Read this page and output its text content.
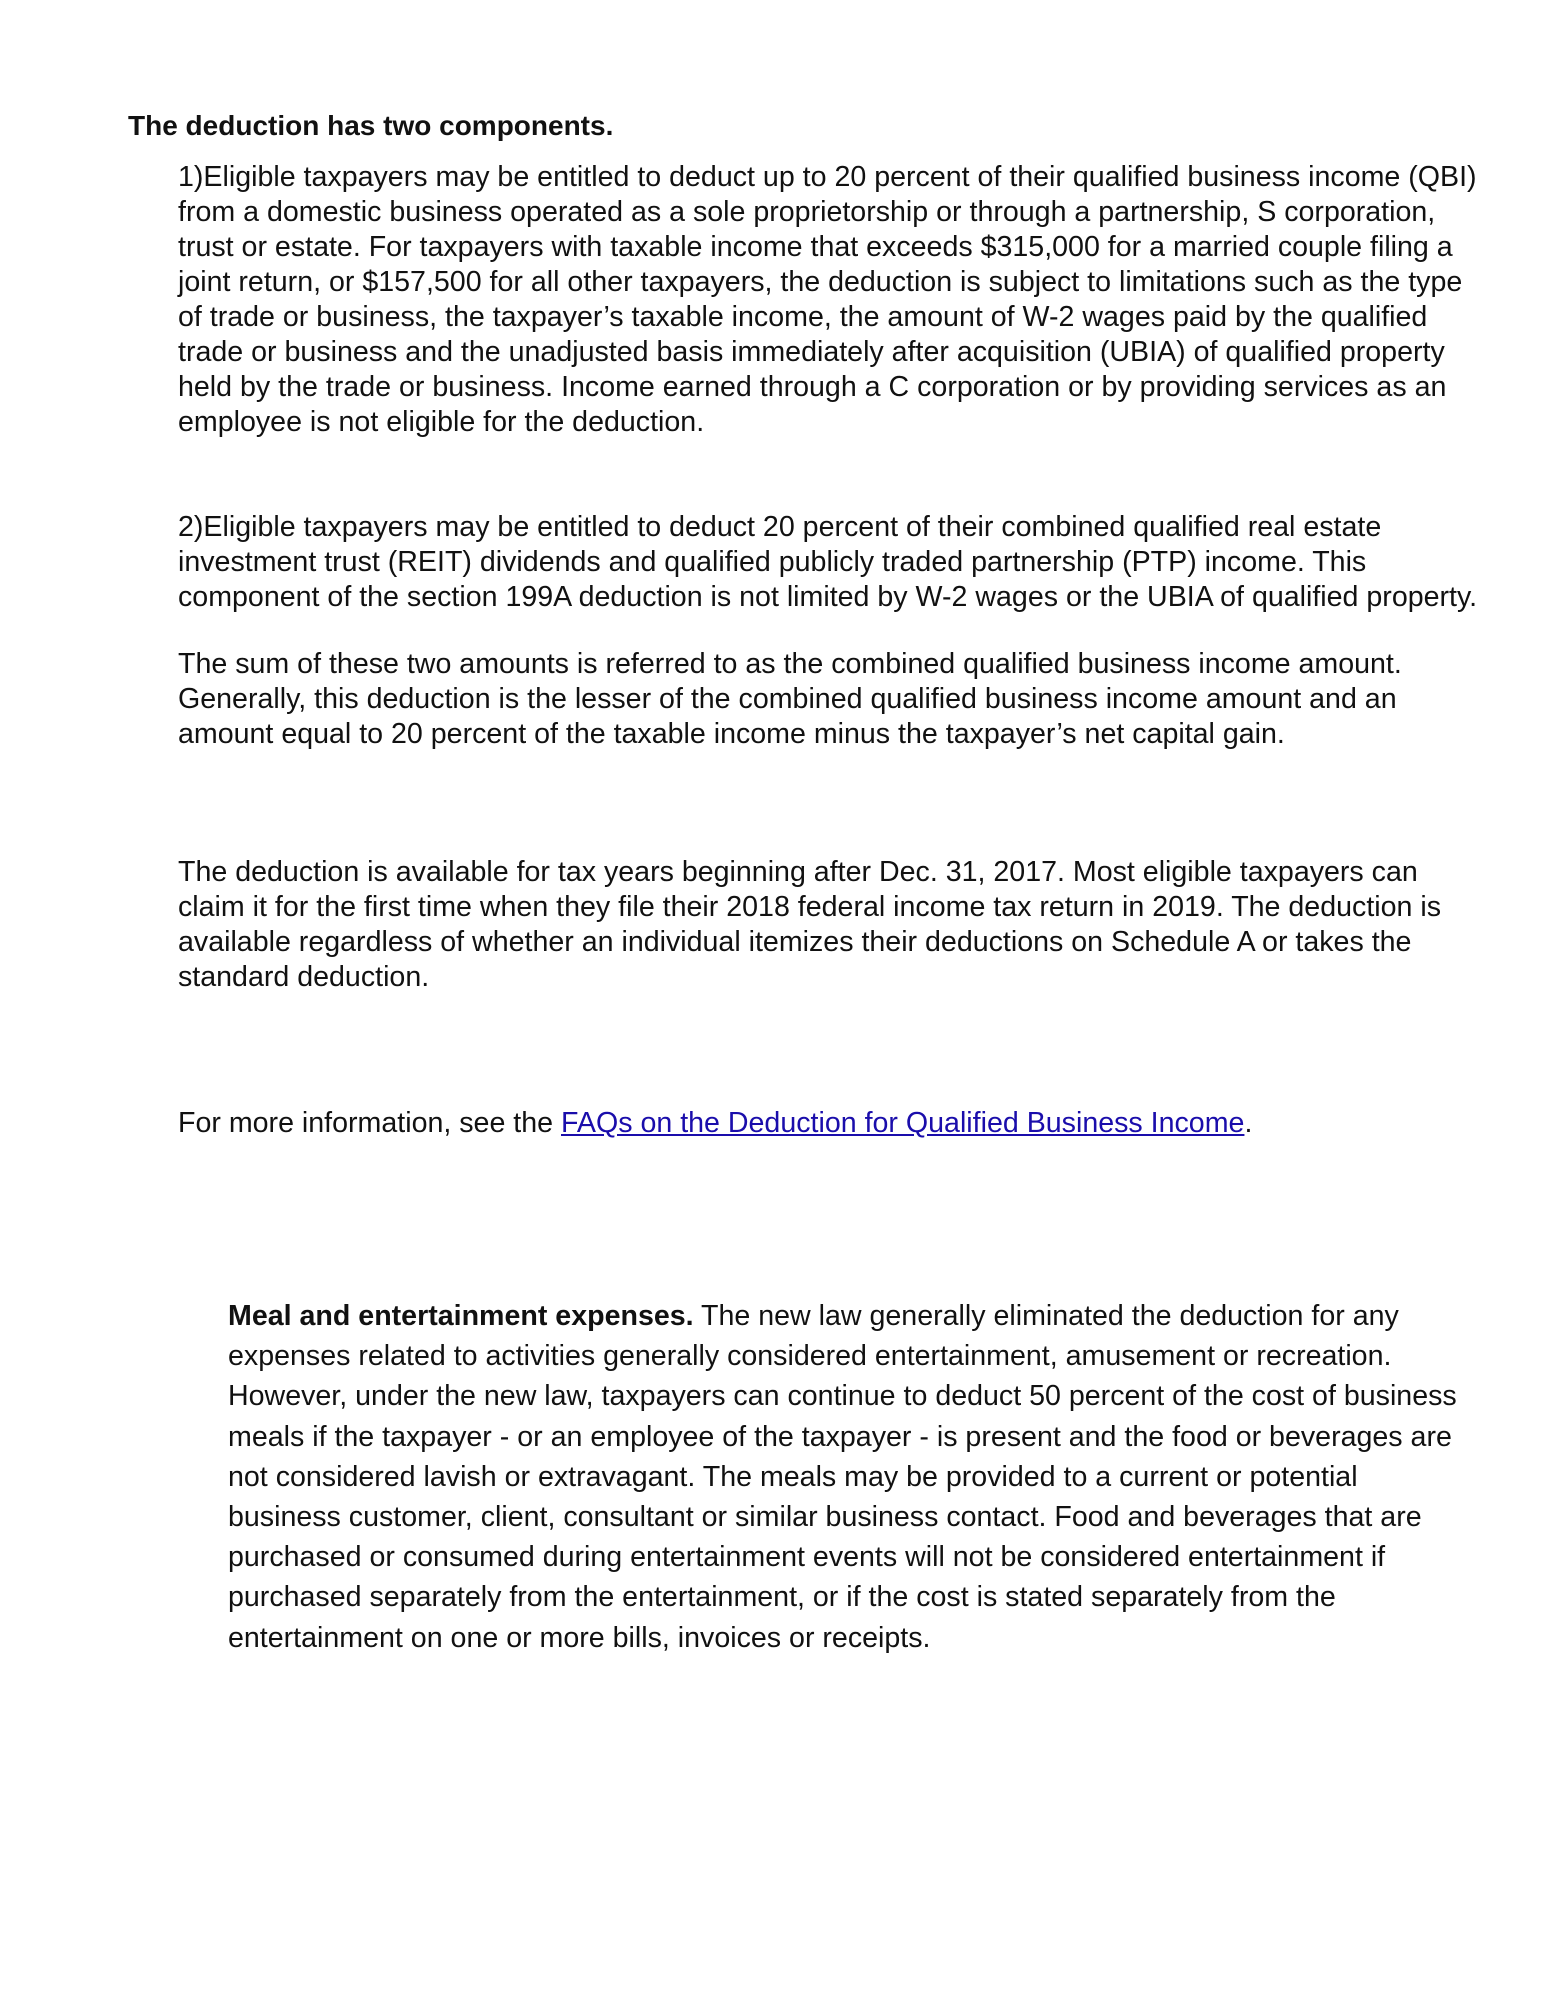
The deduction has two components.

1)Eligible taxpayers may be entitled to deduct up to 20 percent of their qualified business income (QBI) from a domestic business operated as a sole proprietorship or through a partnership, S corporation, trust or estate. For taxpayers with taxable income that exceeds $315,000 for a married couple filing a joint return, or $157,500 for all other taxpayers, the deduction is subject to limitations such as the type of trade or business, the taxpayer’s taxable income, the amount of W-2 wages paid by the qualified trade or business and the unadjusted basis immediately after acquisition (UBIA) of qualified property held by the trade or business. Income earned through a C corporation or by providing services as an employee is not eligible for the deduction.

2)Eligible taxpayers may be entitled to deduct 20 percent of their combined qualified real estate investment trust (REIT) dividends and qualified publicly traded partnership (PTP) income. This component of the section 199A deduction is not limited by W-2 wages or the UBIA of qualified property.

The sum of these two amounts is referred to as the combined qualified business income amount. Generally, this deduction is the lesser of the combined qualified business income amount and an amount equal to 20 percent of the taxable income minus the taxpayer’s net capital gain.

The deduction is available for tax years beginning after Dec. 31, 2017. Most eligible taxpayers can claim it for the first time when they file their 2018 federal income tax return in 2019. The deduction is available regardless of whether an individual itemizes their deductions on Schedule A or takes the standard deduction.

For more information, see the FAQs on the Deduction for Qualified Business Income.

Meal and entertainment expenses. The new law generally eliminated the deduction for any expenses related to activities generally considered entertainment, amusement or recreation. However, under the new law, taxpayers can continue to deduct 50 percent of the cost of business meals if the taxpayer - or an employee of the taxpayer - is present and the food or beverages are not considered lavish or extravagant. The meals may be provided to a current or potential business customer, client, consultant or similar business contact. Food and beverages that are purchased or consumed during entertainment events will not be considered entertainment if purchased separately from the entertainment, or if the cost is stated separately from the entertainment on one or more bills, invoices or receipts.
